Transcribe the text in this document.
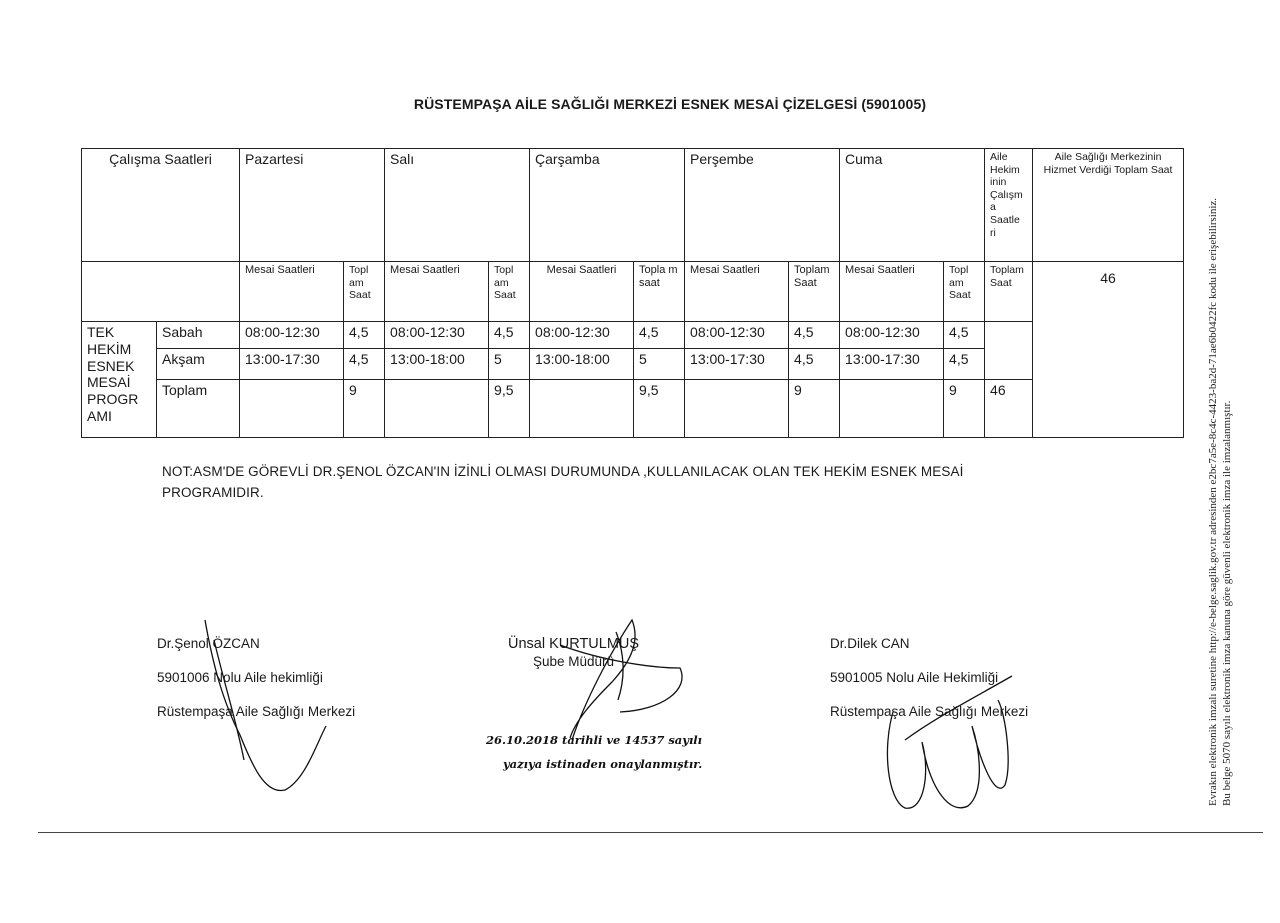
RÜSTEMPAŞA AİLE SAĞLIĞI MERKEZİ ESNEK MESAİ ÇİZELGESİ (5901005)
Çalışma Saatleri		Pazartesi		Salı		Çarşamba		Perşembe		Cuma		Aile Hekim inin Çalışm a Saatle ri	Aile Sağlığı Merkezinin Hizmet Verdiği Toplam Saat
		Mesai Saatleri	Topl am Saat	Mesai Saatleri	Topl am Saat	Mesai Saatleri	Topla m saat	Mesai Saatleri	Toplam Saat	Mesai Saatleri	Topl am Saat	Toplam Saat	46
TEK HEKİM ESNEK MESAİ PROGR AMI	Sabah	08:00-12:30	4,5	08:00-12:30	4,5	08:00-12:30	4,5	08:00-12:30	4,5	08:00-12:30	4,5		
	Akşam	13:00-17:30	4,5	13:00-18:00	5	13:00-18:00	5	13:00-17:30	4,5	13:00-17:30	4,5		
	Toplam		9		9,5		9,5		9		9	46	
NOT:ASM'DE GÖREVLİ DR.ŞENOL ÖZCAN'IN İZİNLİ OLMASI DURUMUNDA ,KULLANILACAK OLAN TEK HEKİM ESNEK MESAİ PROGRAMIDIR.
Dr.Şenol ÖZCAN
5901006 Nolu Aile hekimliği
Rüstempaşa Aile Sağlığı Merkezi
Ünsal KURTULMUŞ
Şube Müdürü
26.10.2018 tarihli ve 14537 sayılı
yazıya istinaden onaylanmıştır.
Dr.Dilek CAN
5901005 Nolu Aile Hekimliği
Rüstempaşa Aile Sağlığı Merkezi	Evrakın elektronik imzalı suretine http://e-belge.saglik.gov.tr adresinden e2bc7a5e-8c4c-4423-ba2d-71ae6b0422fc kodu ile erişebilirsiniz. Bu belge 5070 sayılı elektronik imza kanuna göre güvenli elektronik imza ile imzalanmıştır.
